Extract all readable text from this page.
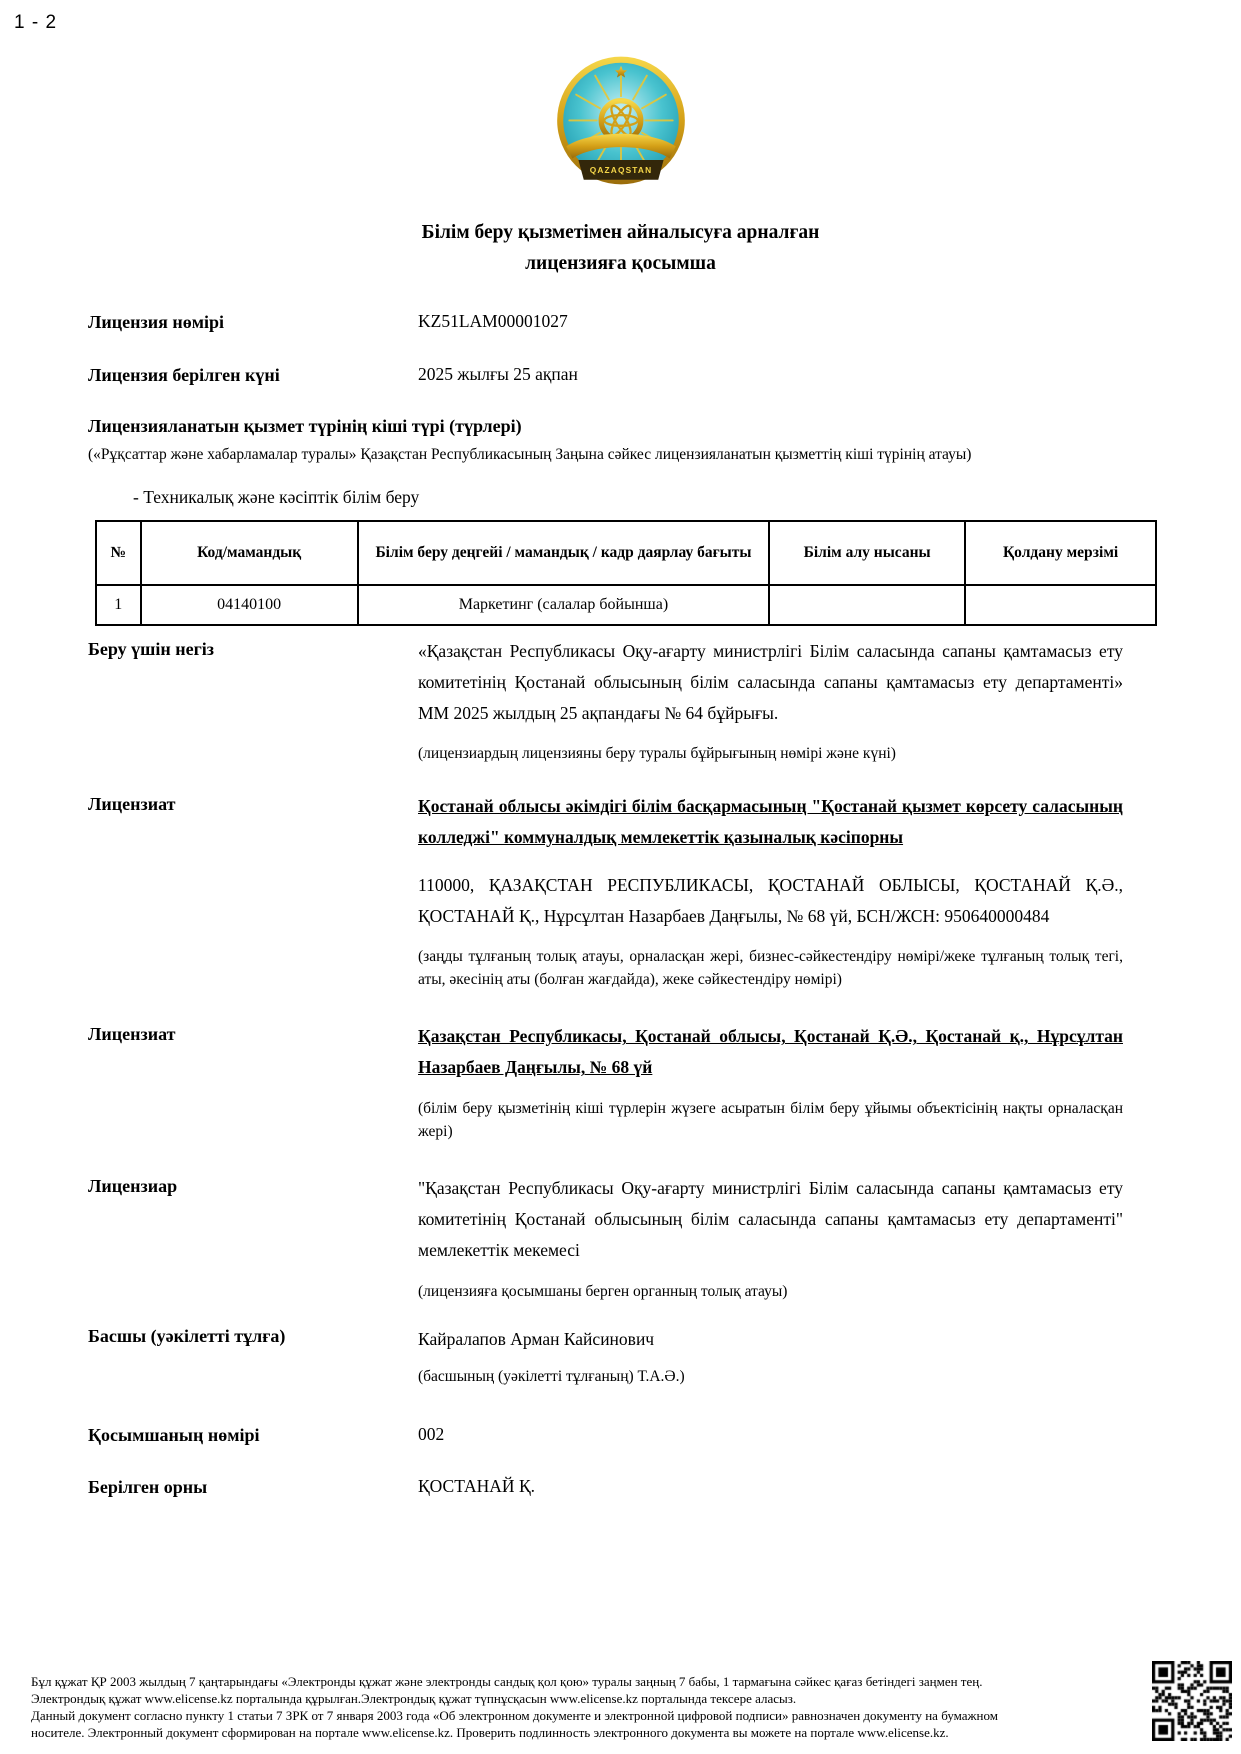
1 - 2
QAZAQSTAN
Білім беру қызметімен айналысуға арналған
лицензияға қосымша
Лицензия нөмірі	KZ51LAM00001027
Лицензия берілген күні	2025 жылғы 25 ақпан
Лицензияланатын қызмет түрінің кіші түрі (түрлері)
(«Рұқсаттар және хабарламалар туралы» Қазақстан Республикасының Заңына сәйкес лицензияланатын қызметтің кіші түрінің атауы)
- Техникалық және кәсіптік білім беру
№	Код/мамандық	Білім беру деңгейі / мамандық / кадр даярлау бағыты	Білім алу нысаны	Қолдану мерзімі
1	04140100	Маркетинг (салалар бойынша)		
Беру үшін негіз	«Қазақстан Республикасы Оқу-ағарту министрлігі Білім саласында сапаны қамтамасыз ету комитетінің Қостанай облысының білім саласында сапаны қамтамасыз ету департаменті» ММ 2025 жылдың 25 ақпандағы № 64 бұйрығы.
(лицензиардың лицензияны беру туралы бұйрығының нөмірі және күні)
Лицензиат	Қостанай облысы әкімдігі білім басқармасының "Қостанай қызмет көрсету саласының колледжі" коммуналдық мемлекеттік қазыналық кәсіпорны
110000, ҚАЗАҚСТАН РЕСПУБЛИКАСЫ, ҚОСТАНАЙ ОБЛЫСЫ, ҚОСТАНАЙ Қ.Ә., ҚОСТАНАЙ Қ., Нұрсұлтан Назарбаев Даңғылы, № 68 үй, БСН/ЖСН: 950640000484
(заңды тұлғаның толық атауы, орналасқан жері, бизнес-сәйкестендіру нөмірі/жеке тұлғаның толық тегі, аты, әкесінің аты (болған жағдайда), жеке сәйкестендіру нөмірі)
Лицензиат	Қазақстан Республикасы, Қостанай облысы, Қостанай Қ.Ә., Қостанай қ., Нұрсұлтан Назарбаев Даңғылы, № 68 үй
(білім беру қызметінің кіші түрлерін жүзеге асыратын білім беру ұйымы объектісінің нақты орналасқан жері)
Лицензиар	"Қазақстан Республикасы Оқу-ағарту министрлігі Білім саласында сапаны қамтамасыз ету комитетінің Қостанай облысының білім саласында сапаны қамтамасыз ету департаменті" мемлекеттік мекемесі
(лицензияға қосымшаны берген органның толық атауы)
Басшы (уәкілетті тұлға)	Кайралапов Арман Кайсинович
(басшының (уәкілетті тұлғаның) Т.А.Ә.)
Қосымшаның нөмірі	002
Берілген орны	ҚОСТАНАЙ Қ.
Бұл құжат ҚР 2003 жылдың 7 қаңтарындағы «Электронды құжат және электронды сандық қол қою» туралы заңның 7 бабы, 1 тармағына сәйкес қағаз бетіндегі заңмен тең.
Электрондық құжат www.elicense.kz порталында құрылған.Электрондық құжат түпнұсқасын www.elicense.kz порталында тексере аласыз.
Данный документ согласно пункту 1 статьи 7 ЗРК от 7 января 2003 года «Об электронном документе и электронной цифровой подписи» равнозначен документу на бумажном
носителе. Электронный документ сформирован на портале www.elicense.kz. Проверить подлинность электронного документа вы можете на портале www.elicense.kz.
